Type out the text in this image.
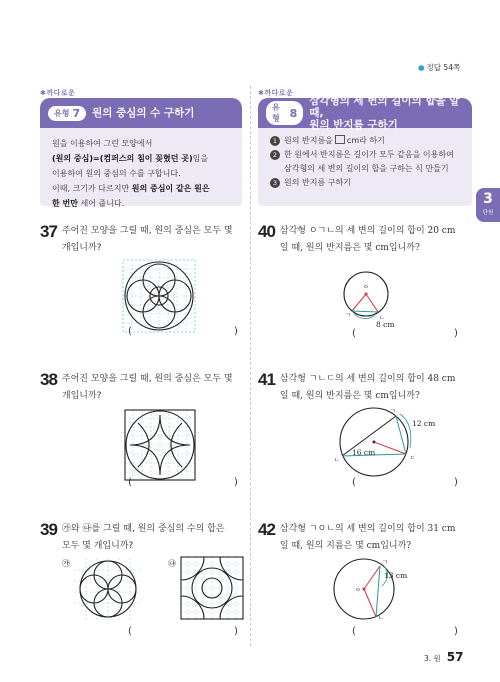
● 정답 54쪽
3
단원
✱까다로운
유형 7 원의 중심의 수 구하기
원을 이용하여 그린 모양에서
(원의 중심)=(컴퍼스의 침이 꽂혔던 곳)임을
이용하여 원의 중심의 수를 구합니다.
이때, 크기가 다르지만 원의 중심이 같은 원은
한 번만 세어 줍니다.
✱까다로운
유형 8
삼각형의 세 변의 길이의 합을 알 때,
원의 반지름 구하기
1 원의 반지름을 cm라 하기
2 한 원에서 반지름은 길이가 모두 같음을 이용하여
삼각형의 세 변의 길이의 합을 구하는 식 만들기
3 원의 반지름 구하기
37 주어진 모양을 그릴 때, 원의 중심은 모두 몇
개입니까?
(	)
38 주어진 모양을 그릴 때, 원의 중심은 모두 몇
개입니까?
(	)
39 ㉮와 ㉯를 그릴 때, 원의 중심의 수의 합은
모두 몇 개입니까?
㉮	㉯
(	)
40 삼각형 ㅇㄱㄴ의 세 변의 길이의 합이 20 cm
일 때, 원의 반지름은 몇 cm입니까?
ㅇ
ㄱ	ㄴ
8 cm
(	)
41 삼각형 ㄱㄴㄷ의 세 변의 길이의 합이 48 cm
일 때, 원의 반지름은 몇 cm입니까?
ㄱ
ㄴ	ㄷ
12 cm
16 cm
(	)
42 삼각형 ㄱㅇㄴ의 세 변의 길이의 합이 31 cm
일 때, 원의 지름은 몇 cm입니까?
ㅇ
ㄱ
ㄴ
13 cm
(	)
3. 원 57
